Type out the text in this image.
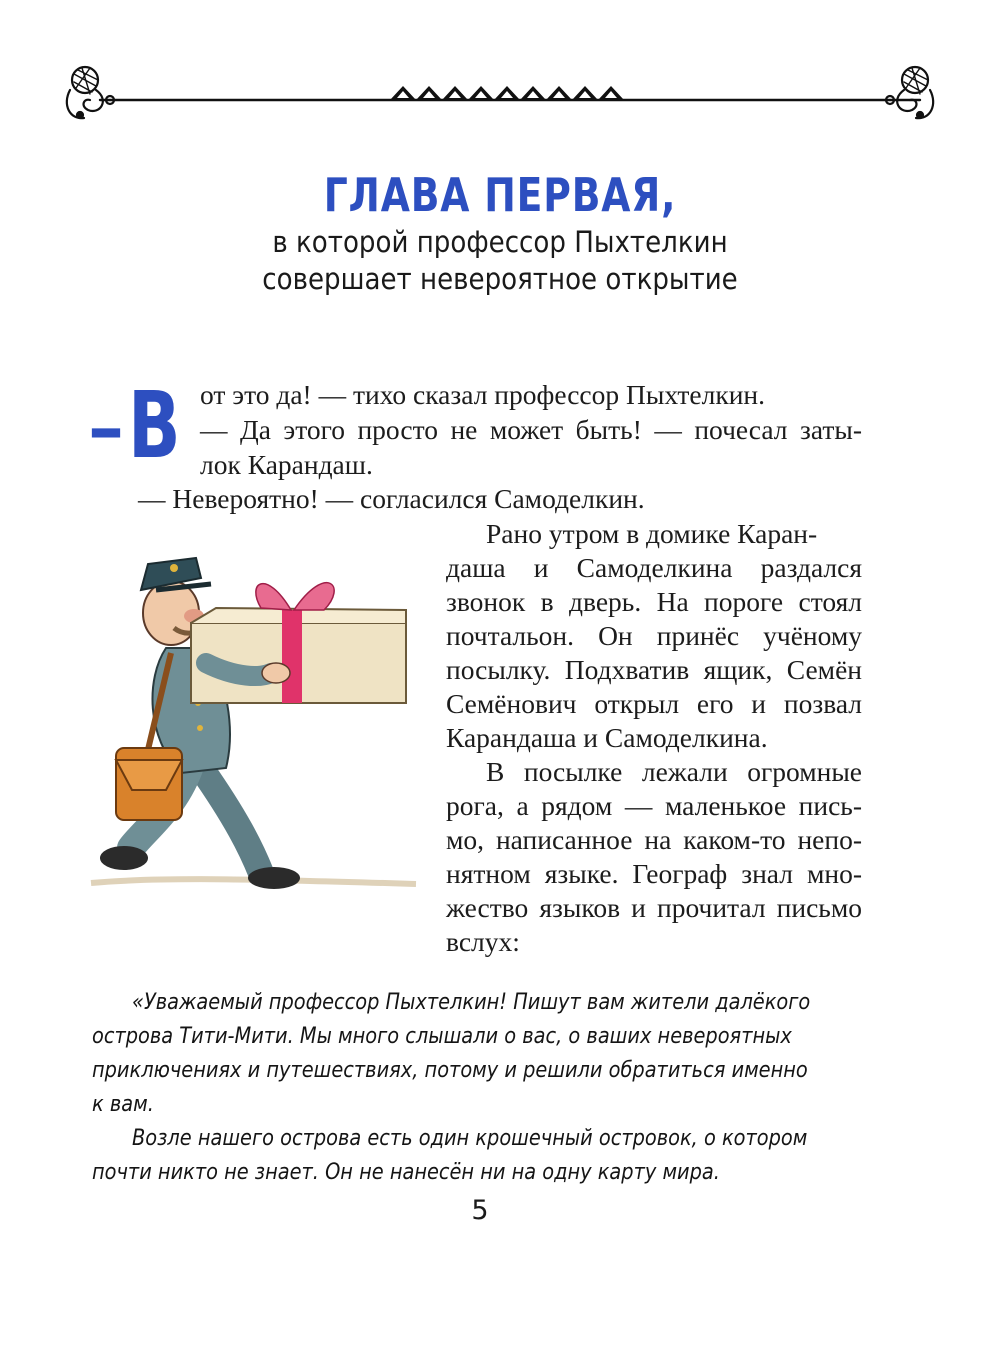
ГЛАВА ПЕРВАЯ,
в которой профессор Пыхтелкин
совершает невероятное открытие
– В от это да! — тихо сказал профессор Пыхтелкин.
— Да этого просто не может быть! — почесал заты-
лок Карандаш.
— Невероятно! — согласился Самоделкин.
Рано утром в домике Каран-
даша и Самоделкина раздался
звонок в дверь. На пороге стоял
почтальон. Он принёс учёному
посылку. Подхватив ящик, Семён
Семёнович открыл его и позвал
Карандаша и Самоделкина.
В посылке лежали огромные
рога, а рядом — маленькое пись-
мо, написанное на каком-то непо-
нятном языке. Географ знал мно-
жество языков и прочитал письмо
вслух:
«Уважаемый профессор Пыхтелкин! Пишут вам жители далёкого
острова Тити-Мити. Мы много слышали о вас, о ваших невероятных
приключениях и путешествиях, потому и решили обратиться именно
к вам.
Возле нашего острова есть один крошечный островок, о котором
почти никто не знает. Он не нанесён ни на одну карту мира.
5
